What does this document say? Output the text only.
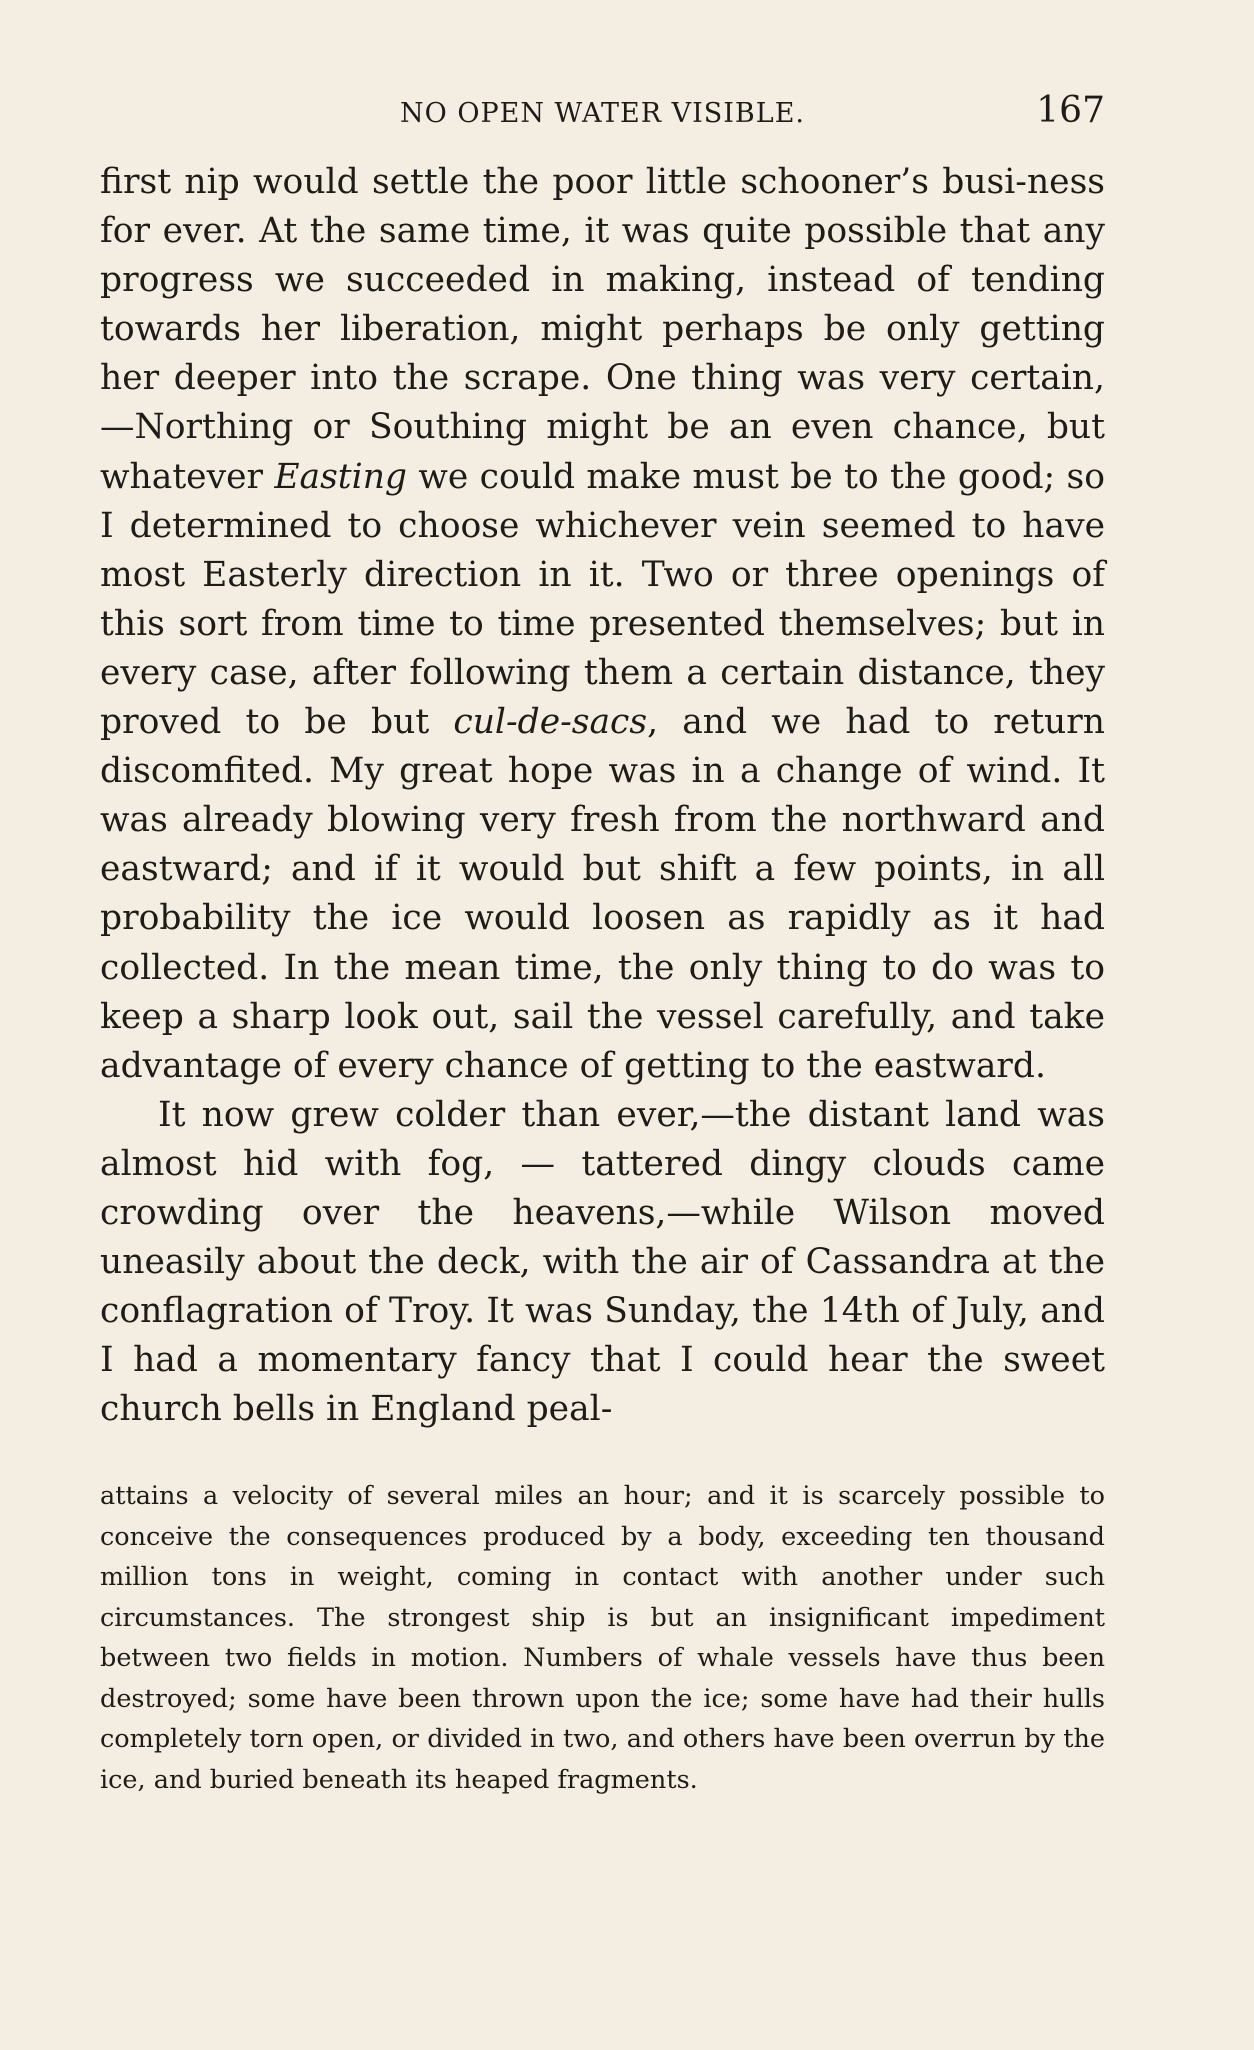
NO OPEN WATER VISIBLE.	167

first nip would settle the poor little schooner’s busi-ness for ever. At the same time, it was quite possible that any progress we succeeded in making, instead of tending towards her liberation, might perhaps be only getting her deeper into the scrape. One thing was very certain,—Northing or Southing might be an even chance, but whatever Easting we could make must be to the good; so I determined to choose whichever vein seemed to have most Easterly direction in it. Two or three openings of this sort from time to time presented themselves; but in every case, after following them a certain distance, they proved to be but cul-de-sacs, and we had to return discomfited. My great hope was in a change of wind. It was already blowing very fresh from the northward and eastward; and if it would but shift a few points, in all probability the ice would loosen as rapidly as it had collected. In the mean time, the only thing to do was to keep a sharp look out, sail the vessel carefully, and take advantage of every chance of getting to the eastward.

It now grew colder than ever,—the distant land was almost hid with fog, — tattered dingy clouds came crowding over the heavens,—while Wilson moved uneasily about the deck, with the air of Cassandra at the conflagration of Troy. It was Sunday, the 14th of July, and I had a momentary fancy that I could hear the sweet church bells in England peal-

attains a velocity of several miles an hour; and it is scarcely possible to conceive the consequences produced by a body, exceeding ten thousand million tons in weight, coming in contact with another under such circumstances. The strongest ship is but an insignificant impediment between two fields in motion. Numbers of whale vessels have thus been destroyed; some have been thrown upon the ice; some have had their hulls completely torn open, or divided in two, and others have been overrun by the ice, and buried beneath its heaped fragments.
